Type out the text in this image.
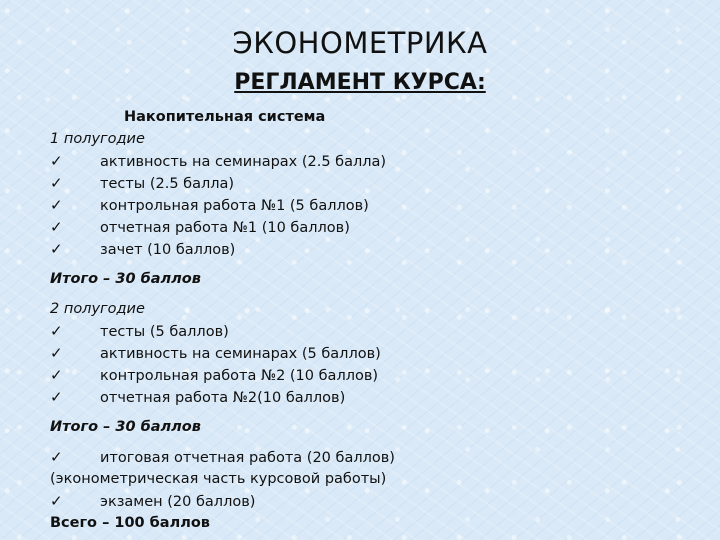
ЭКОНОМЕТРИКА
РЕГЛАМЕНТ КУРСА:
Накопительная система
1 полугодие
✓	активность на семинарах (2.5 балла)
✓	тесты (2.5 балла)
✓	контрольная работа №1 (5 баллов)
✓	отчетная работа №1 (10 баллов)
✓	зачет (10 баллов)
Итого – 30 баллов
2 полугодие
✓	тесты (5 баллов)
✓	активность на семинарах (5 баллов)
✓	контрольная работа №2 (10 баллов)
✓	отчетная работа №2(10 баллов)
Итого – 30 баллов
✓	итоговая отчетная работа (20 баллов)
(эконометрическая часть курсовой работы)
✓	экзамен (20 баллов)
Всего – 100 баллов
